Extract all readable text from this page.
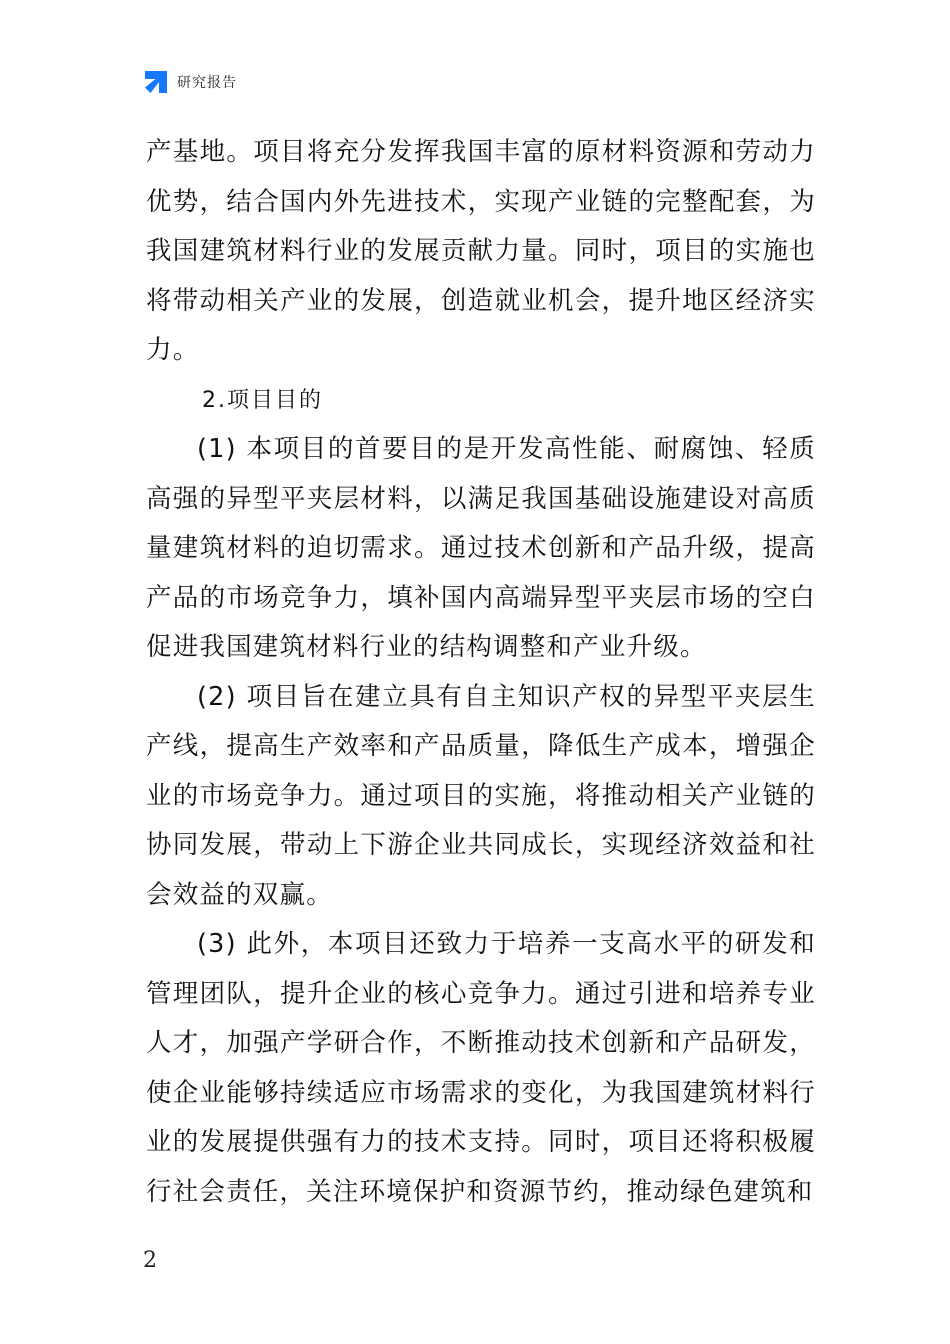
研究报告

产基地。项目将充分发挥我国丰富的原材料资源和劳动力优势，结合国内外先进技术，实现产业链的完整配套，为我国建筑材料行业的发展贡献力量。同时，项目的实施也将带动相关产业的发展，创造就业机会，提升地区经济实力。

2.项目目的

(1) 本项目的首要目的是开发高性能、耐腐蚀、轻质高强的异型平夹层材料，以满足我国基础设施建设对高质量建筑材料的迫切需求。通过技术创新和产品升级，提高产品的市场竞争力，填补国内高端异型平夹层市场的空白促进我国建筑材料行业的结构调整和产业升级。

(2) 项目旨在建立具有自主知识产权的异型平夹层生产线，提高生产效率和产品质量，降低生产成本，增强企业的市场竞争力。通过项目的实施，将推动相关产业链的协同发展，带动上下游企业共同成长，实现经济效益和社会效益的双赢。

(3) 此外，本项目还致力于培养一支高水平的研发和管理团队，提升企业的核心竞争力。通过引进和培养专业人才，加强产学研合作，不断推动技术创新和产品研发，使企业能够持续适应市场需求的变化，为我国建筑材料行业的发展提供强有力的技术支持。同时，项目还将积极履行社会责任，关注环境保护和资源节约，推动绿色建筑和

2
